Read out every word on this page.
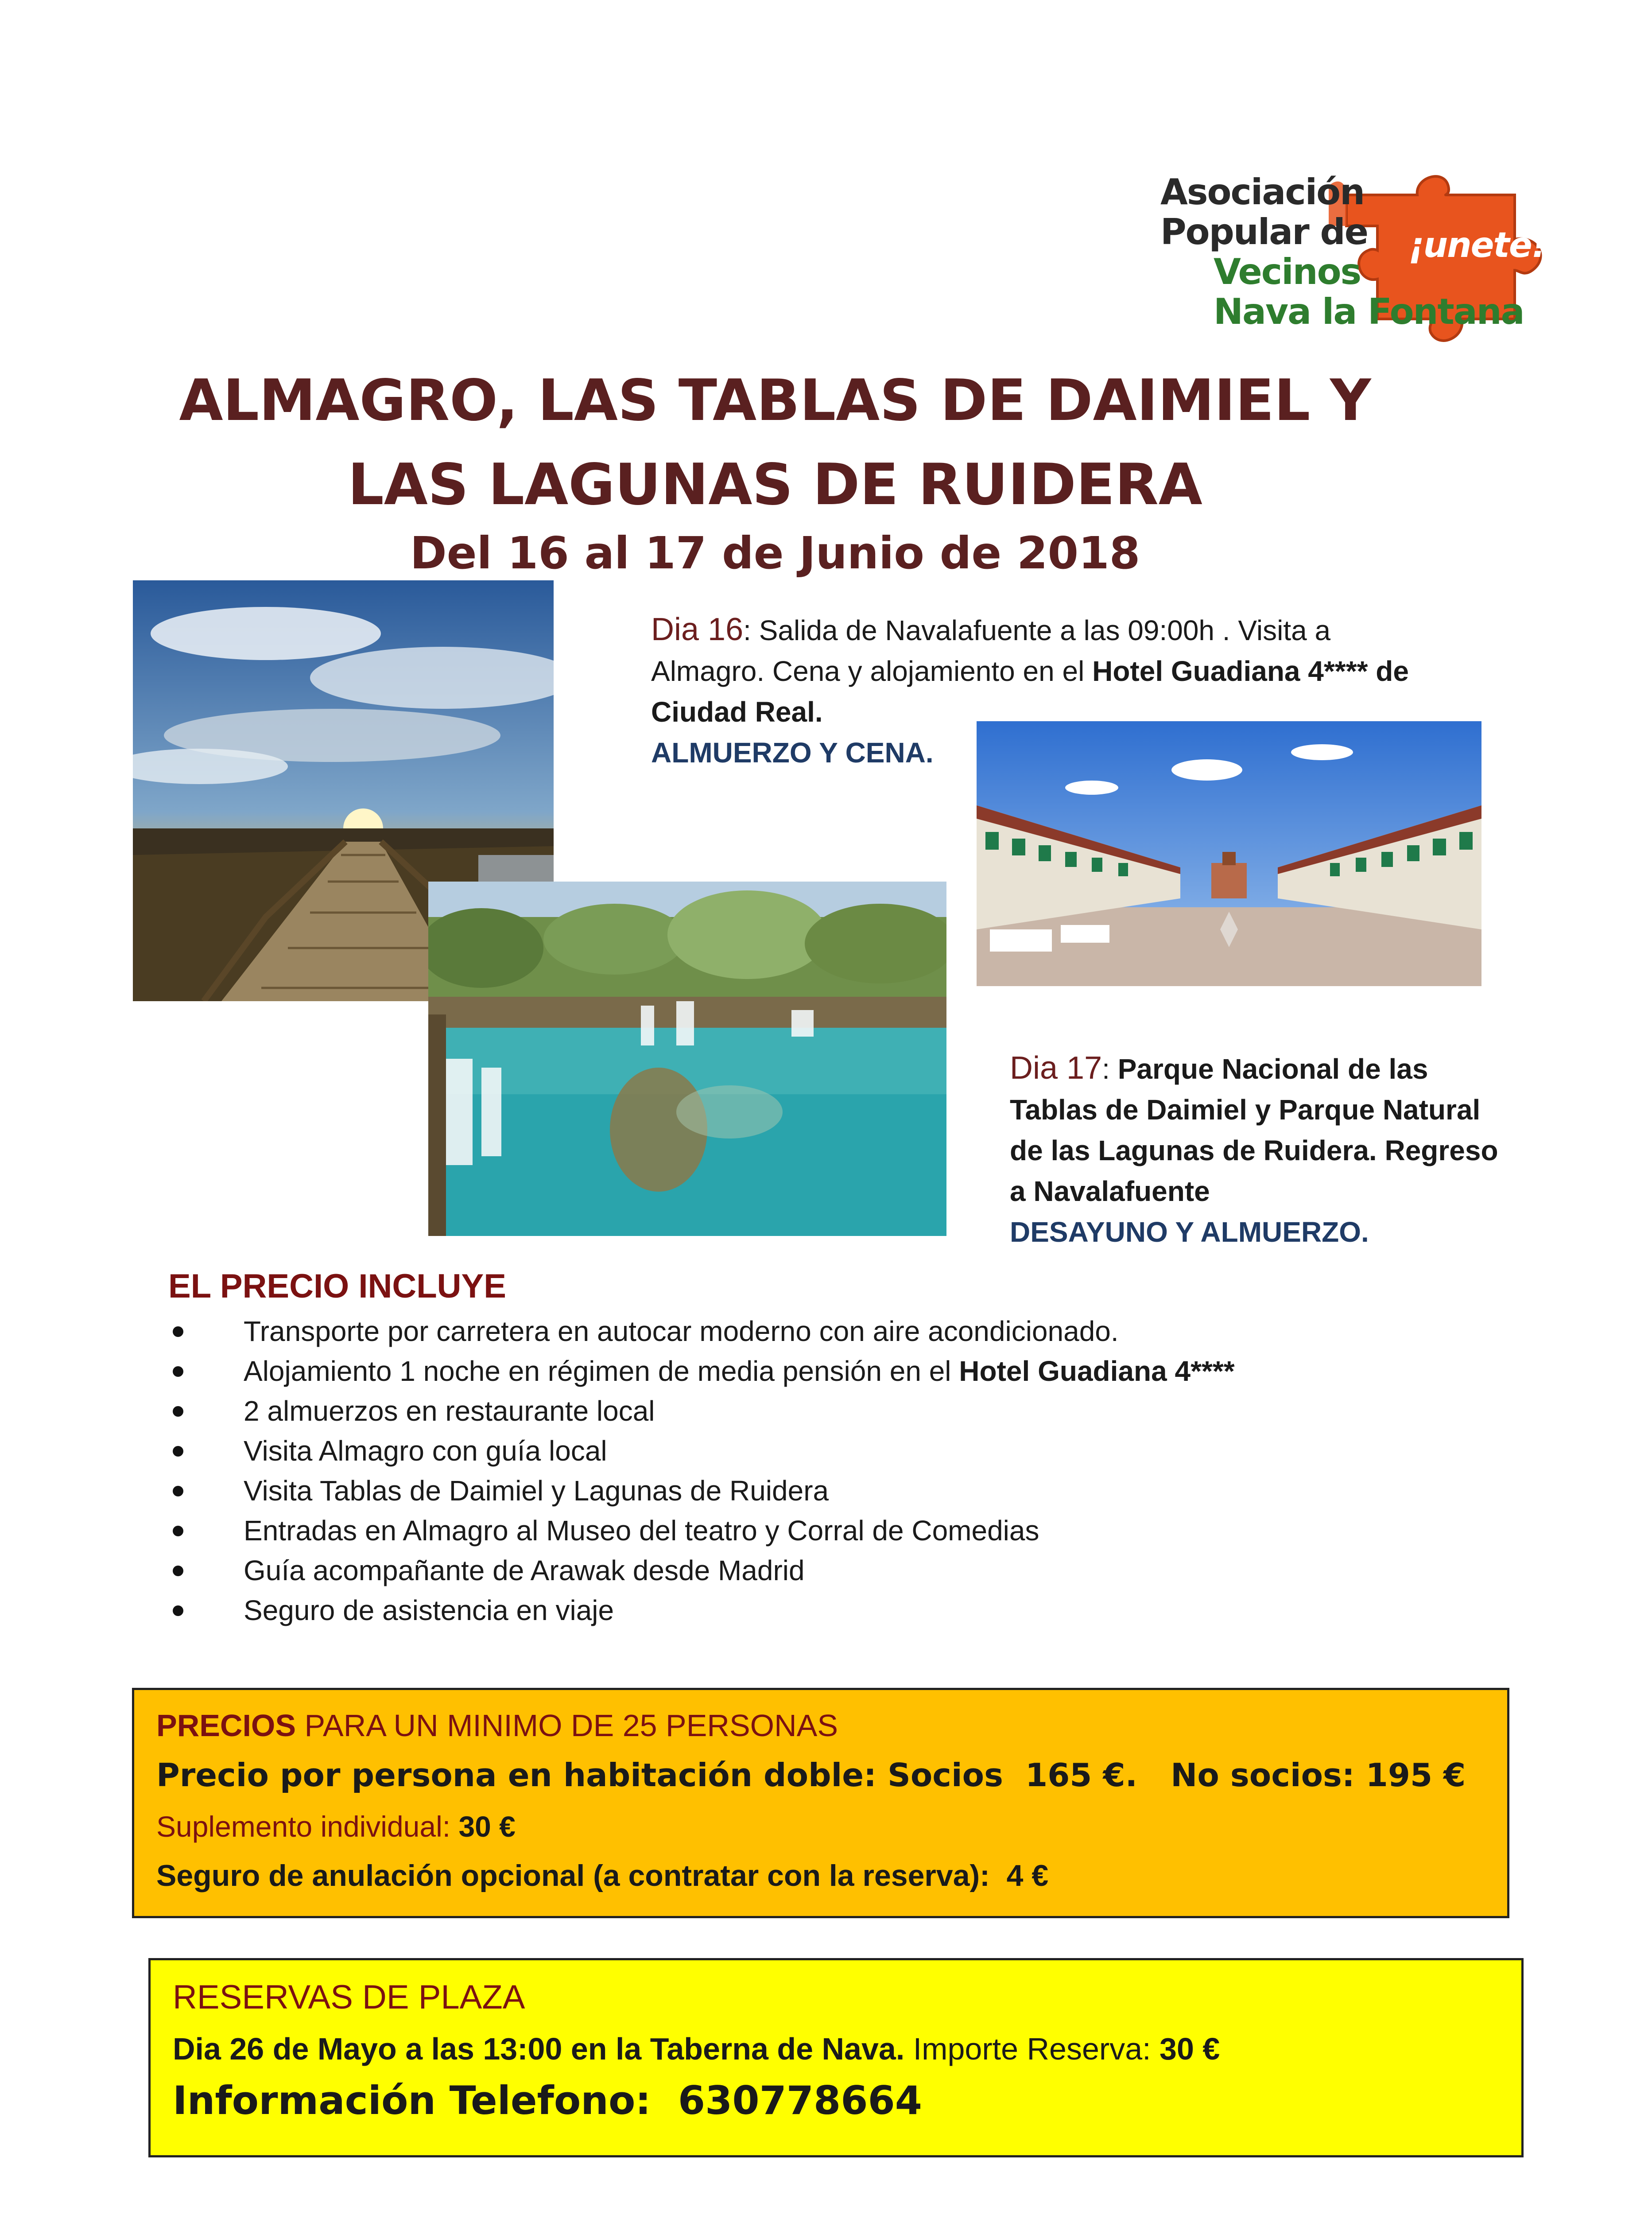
Asociación
Popular de
Vecinos
Nava la Fontana
¡unete!
ALMAGRO, LAS TABLAS DE DAIMIEL Y
LAS LAGUNAS DE RUIDERA
Del 16 al 17 de Junio de 2018
Dia 16: Salida de Navalafuente a las 09:00h . Visita a
Almagro. Cena y alojamiento en el Hotel Guadiana 4**** de
Ciudad Real.
ALMUERZO Y CENA.
Dia 17: Parque Nacional de las
Tablas de Daimiel y Parque Natural
de las Lagunas de Ruidera. Regreso
a Navalafuente
DESAYUNO Y ALMUERZO.
EL PRECIO INCLUYE
Transporte por carretera en autocar moderno con aire acondicionado.
Alojamiento 1 noche en régimen de media pensión en el Hotel Guadiana 4****
2 almuerzos en restaurante local
Visita Almagro con guía local
Visita Tablas de Daimiel y Lagunas de Ruidera
Entradas en Almagro al Museo del teatro y Corral de Comedias
Guía acompañante de Arawak desde Madrid
Seguro de asistencia en viaje
PRECIOS PARA UN MINIMO DE 25 PERSONAS
Precio por persona en habitación doble: Socios  165 €.   No socios: 195 €
Suplemento individual: 30 €
Seguro de anulación opcional (a contratar con la reserva):  4 €
RESERVAS DE PLAZA
Dia 26 de Mayo a las 13:00 en la Taberna de Nava. Importe Reserva: 30 €
Información Telefono: 630778664
